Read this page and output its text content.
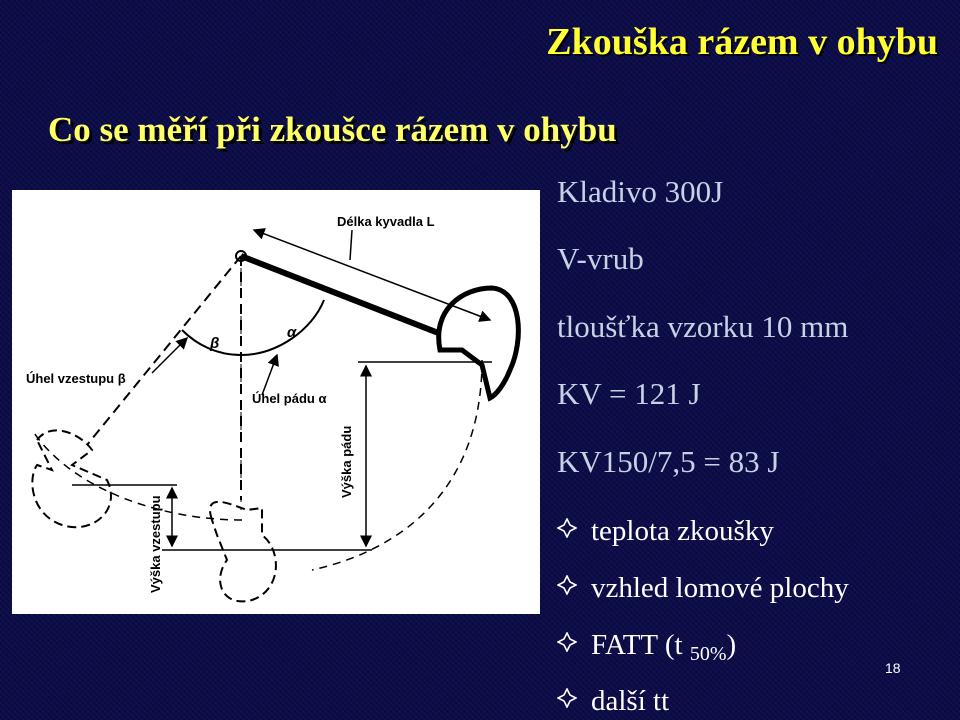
Zkouška rázem v ohybu
Co se měří při zkoušce rázem v ohybu
Délka kyvadla L
Úhel vzestupu β
Úhel pádu α
α
β
Výška pádu
Výška vzestupu
Kladivo 300J
V-vrub
tloušťka vzorku 10 mm
KV = 121 J
KV150/7,5 = 83 J
teplota zkoušky
vzhled lomové plochy
FATT (t $_{50\%}$)
další tt
18
